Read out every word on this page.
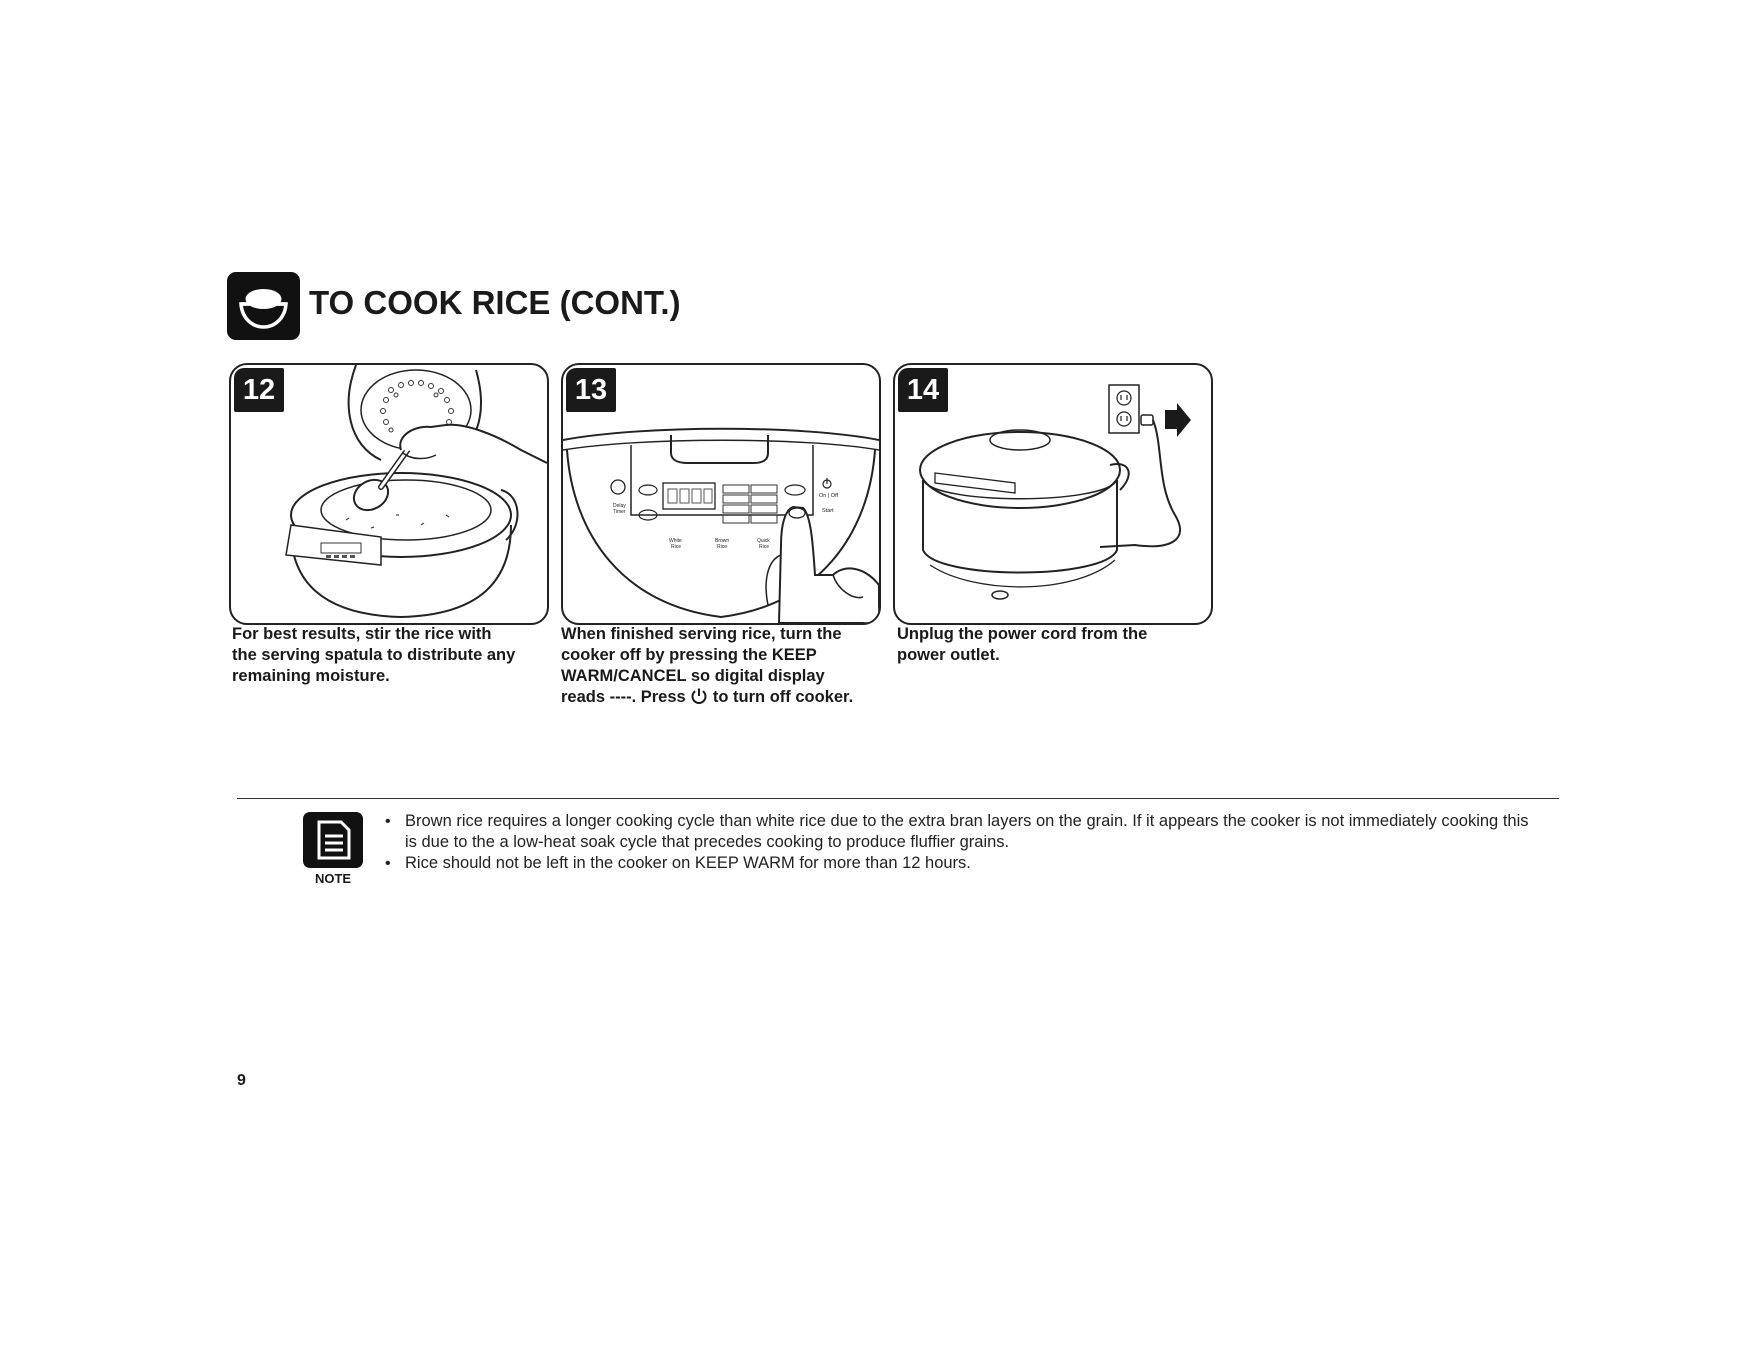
TO COOK RICE (CONT.)
12
For best results, stir the rice with
the serving spatula to distribute any
remaining moisture.
Delay
Timer
On | Off
Start
White
Rice
Brown
Rice
Quick
Rice
13
When finished serving rice, turn the
cooker off by pressing the KEEP
WARM/CANCEL so digital display
reads ----. Press  to turn off cooker.
14
Unplug the power cord from the
power outlet.
NOTE
• Brown rice requires a longer cooking cycle than white rice due to the extra bran layers on the grain. If it appears the cooker is not immediately cooking this is due to the a low-heat soak cycle that precedes cooking to produce fluffier grains.
• Rice should not be left in the cooker on KEEP WARM for more than 12 hours.
9
